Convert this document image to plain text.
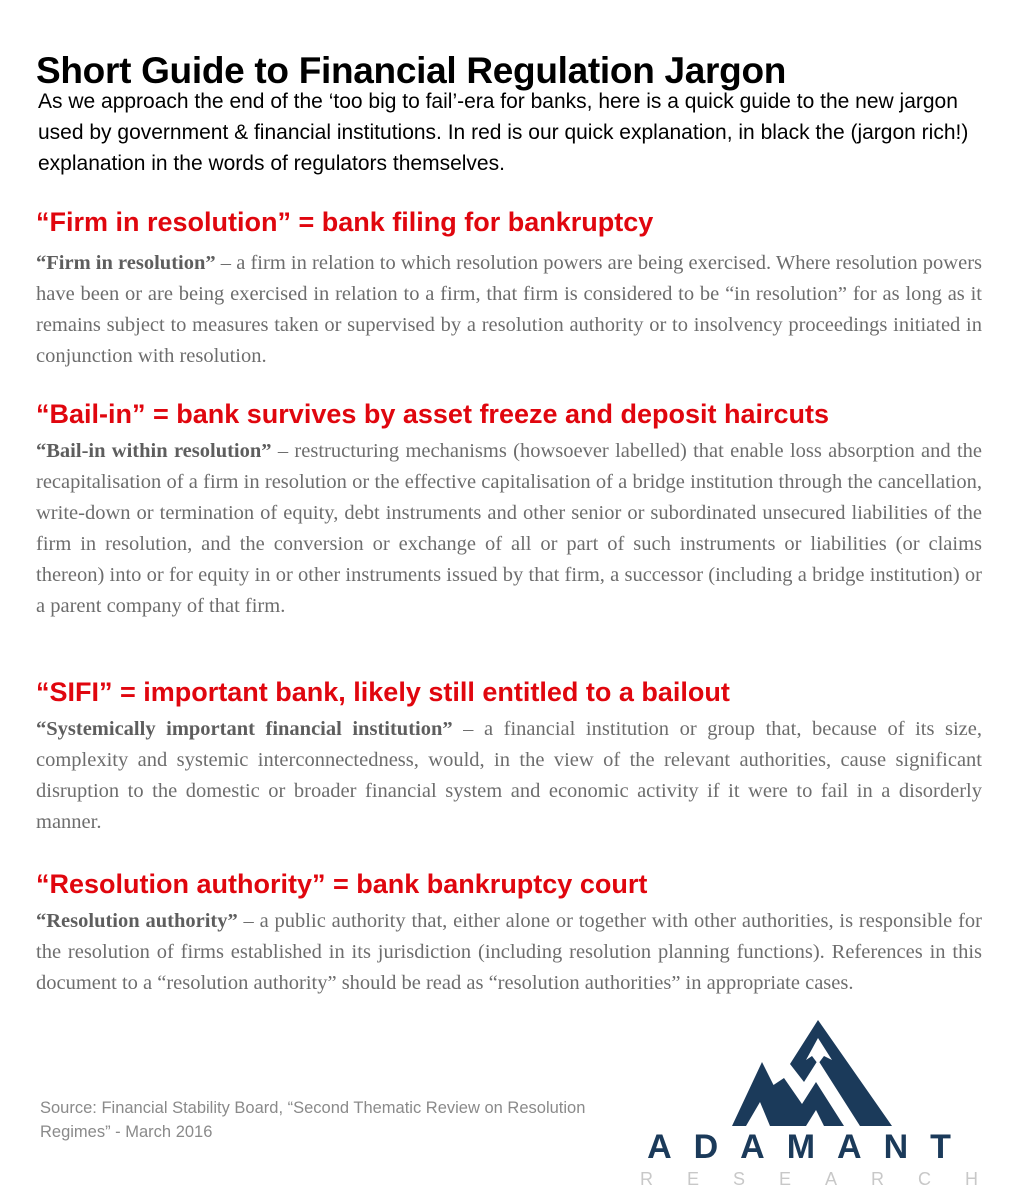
Short Guide to Financial Regulation Jargon

As we approach the end of the ‘too big to fail’-era for banks, here is a quick guide to the new jargon used by government & financial institutions. In red is our quick explanation, in black the (jargon rich!) explanation in the words of regulators themselves.

“Firm in resolution” = bank filing for bankruptcy

“Firm in resolution” – a firm in relation to which resolution powers are being exercised. Where resolution powers have been or are being exercised in relation to a firm, that firm is considered to be “in resolution” for as long as it remains subject to measures taken or supervised by a resolution authority or to insolvency proceedings initiated in conjunction with resolution.

“Bail-in” = bank survives by asset freeze and deposit haircuts

“Bail-in within resolution” – restructuring mechanisms (howsoever labelled) that enable loss absorption and the recapitalisation of a firm in resolution or the effective capitalisation of a bridge institution through the cancellation, write-down or termination of equity, debt instruments and other senior or subordinated unsecured liabilities of the firm in resolution, and the conversion or exchange of all or part of such instruments or liabilities (or claims thereon) into or for equity in or other instruments issued by that firm, a successor (including a bridge institution) or a parent company of that firm.

“SIFI” = important bank, likely still entitled to a bailout

“Systemically important financial institution” – a financial institution or group that, because of its size, complexity and systemic interconnectedness, would, in the view of the relevant authorities, cause significant disruption to the domestic or broader financial system and economic activity if it were to fail in a disorderly manner.

“Resolution authority” = bank bankruptcy court

“Resolution authority” – a public authority that, either alone or together with other authorities, is responsible for the resolution of firms established in its jurisdiction (including resolution planning functions). References in this document to a “resolution authority” should be read as “resolution authorities” in appropriate cases.

Source: Financial Stability Board, “Second Thematic Review on Resolution Regimes” - March 2016	ADAMANT
RESEARCH
